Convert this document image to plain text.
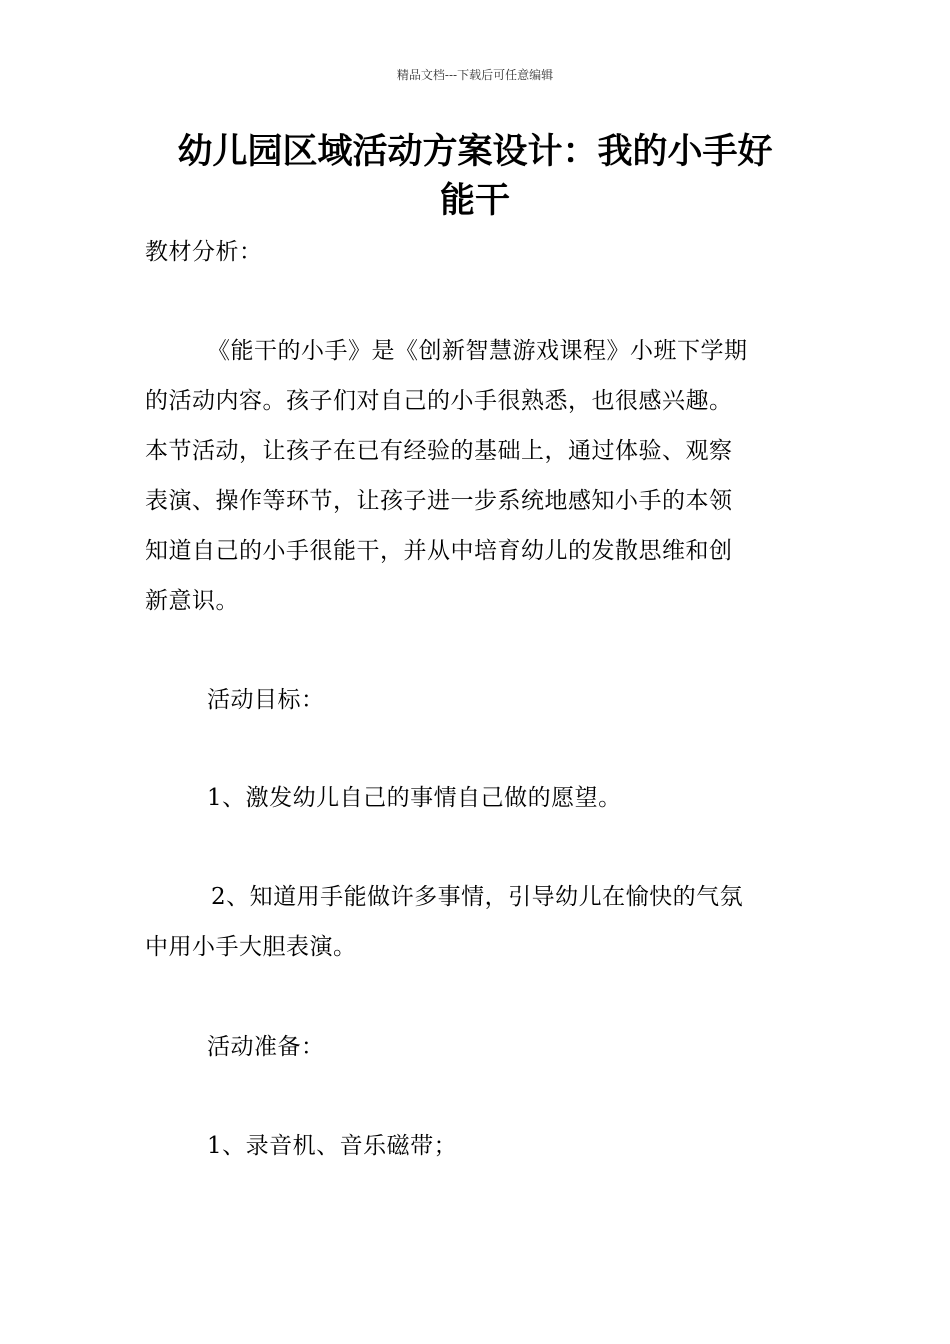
精品文档---下载后可任意编辑
幼儿园区域活动方案设计：我的小手好
能干

教材分析：

《能干的小手》是《创新智慧游戏课程》小班下学期
的活动内容。孩子们对自己的小手很熟悉，也很感兴趣。
本节活动，让孩子在已有经验的基础上，通过体验、观察
表演、操作等环节，让孩子进一步系统地感知小手的本领
知道自己的小手很能干，并从中培育幼儿的发散思维和创
新意识。

活动目标：

1、激发幼儿自己的事情自己做的愿望。

2、知道用手能做许多事情，引导幼儿在愉快的气氛
中用小手大胆表演。

活动准备：

1、录音机、音乐磁带；
